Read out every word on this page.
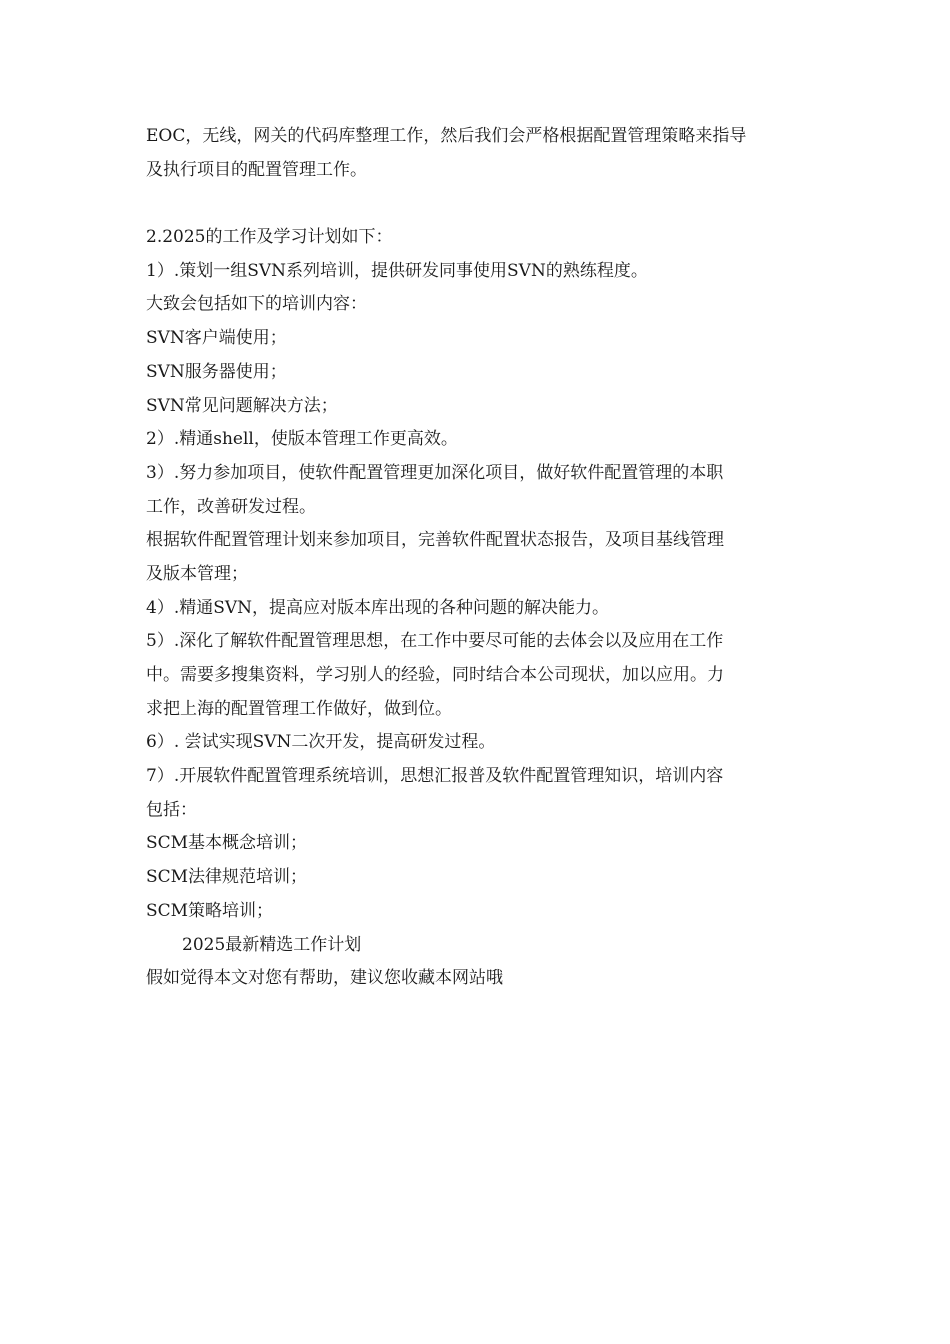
EOC，无线，网关的代码库整理工作，然后我们会严格根据配置管理策略来指导
及执行项目的配置管理工作。
2.2025的工作及学习计划如下：
1）.策划一组SVN系列培训，提供研发同事使用SVN的熟练程度。
大致会包括如下的培训内容：
SVN客户端使用；
SVN服务器使用；
SVN常见问题解决方法；
2）.精通shell，使版本管理工作更高效。
3）.努力参加项目，使软件配置管理更加深化项目，做好软件配置管理的本职
工作，改善研发过程。
根据软件配置管理计划来参加项目，完善软件配置状态报告，及项目基线管理
及版本管理；
4）.精通SVN，提高应对版本库出现的各种问题的解决能力。
5）.深化了解软件配置管理思想，在工作中要尽可能的去体会以及应用在工作
中。需要多搜集资料，学习别人的经验，同时结合本公司现状，加以应用。力
求把上海的配置管理工作做好，做到位。
6）. 尝试实现SVN二次开发，提高研发过程。
7）.开展软件配置管理系统培训，思想汇报普及软件配置管理知识，培训内容
包括：
SCM基本概念培训；
SCM法律规范培训；
SCM策略培训；
2025最新精选工作计划
假如觉得本文对您有帮助，建议您收藏本网站哦
